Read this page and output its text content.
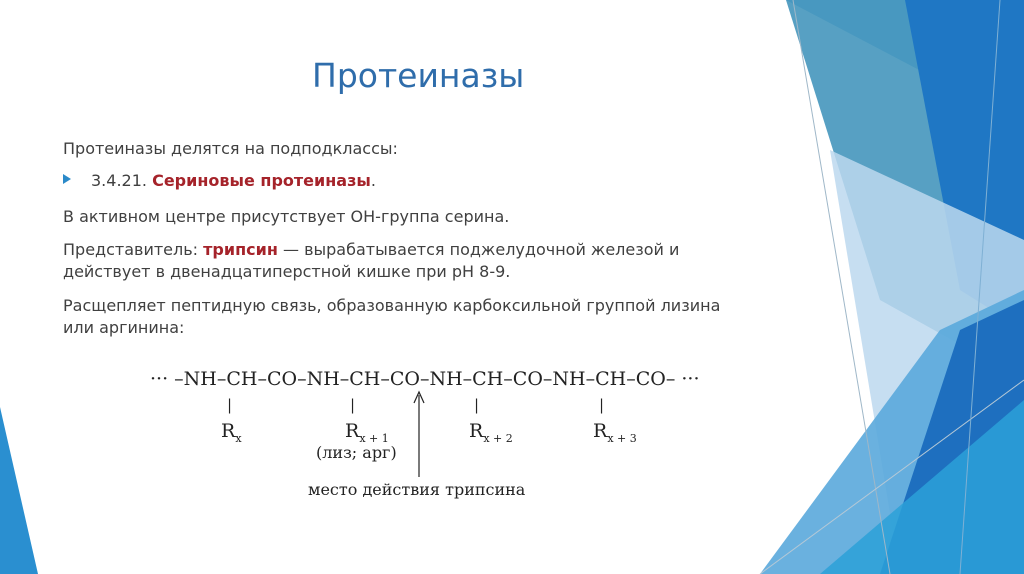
Протеиназы
Протеиназы делятся на подподклассы:
3.4.21. Сериновые протеиназы.
В активном центре присутствует ОН-группа серина.
Представитель: трипсин — вырабатывается поджелудочной железой и
действует в двенадцатиперстной кишке при pH 8-9.
Расщепляет пептидную связь, образованную карбоксильной группой лизина
или аргинина:
··· –NH–CH–CO–NH–CH–CO–NH–CH–CO–NH–CH–CO– ···
|	|	|	|
$R_x$	$R_{x + 1}$	$R_{x + 2}$	$R_{x + 3}$
(лиз; арг)
место действия трипсина
